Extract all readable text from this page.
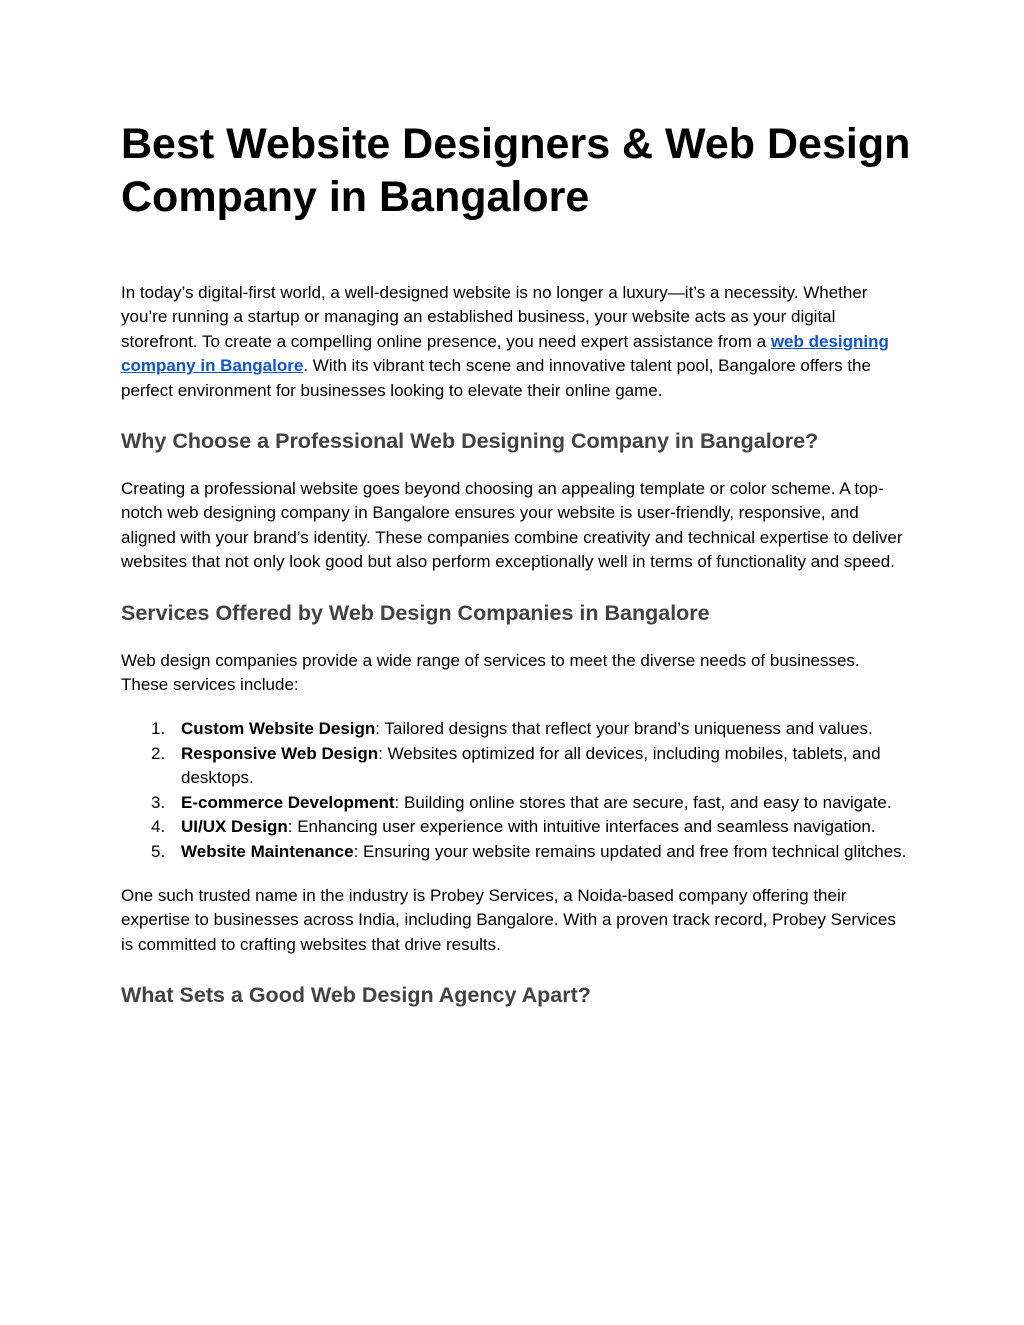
Best Website Designers & Web Design Company in Bangalore

In today’s digital-first world, a well-designed website is no longer a luxury—it’s a necessity. Whether you’re running a startup or managing an established business, your website acts as your digital storefront. To create a compelling online presence, you need expert assistance from a web designing company in Bangalore. With its vibrant tech scene and innovative talent pool, Bangalore offers the perfect environment for businesses looking to elevate their online game.

Why Choose a Professional Web Designing Company in Bangalore?

Creating a professional website goes beyond choosing an appealing template or color scheme. A top-notch web designing company in Bangalore ensures your website is user-friendly, responsive, and aligned with your brand’s identity. These companies combine creativity and technical expertise to deliver websites that not only look good but also perform exceptionally well in terms of functionality and speed.

Services Offered by Web Design Companies in Bangalore

Web design companies provide a wide range of services to meet the diverse needs of businesses. These services include:

1. Custom Website Design: Tailored designs that reflect your brand’s uniqueness and values.
2. Responsive Web Design: Websites optimized for all devices, including mobiles, tablets, and desktops.
3. E-commerce Development: Building online stores that are secure, fast, and easy to navigate.
4. UI/UX Design: Enhancing user experience with intuitive interfaces and seamless navigation.
5. Website Maintenance: Ensuring your website remains updated and free from technical glitches.

One such trusted name in the industry is Probey Services, a Noida-based company offering their expertise to businesses across India, including Bangalore. With a proven track record, Probey Services is committed to crafting websites that drive results.

What Sets a Good Web Design Agency Apart?
